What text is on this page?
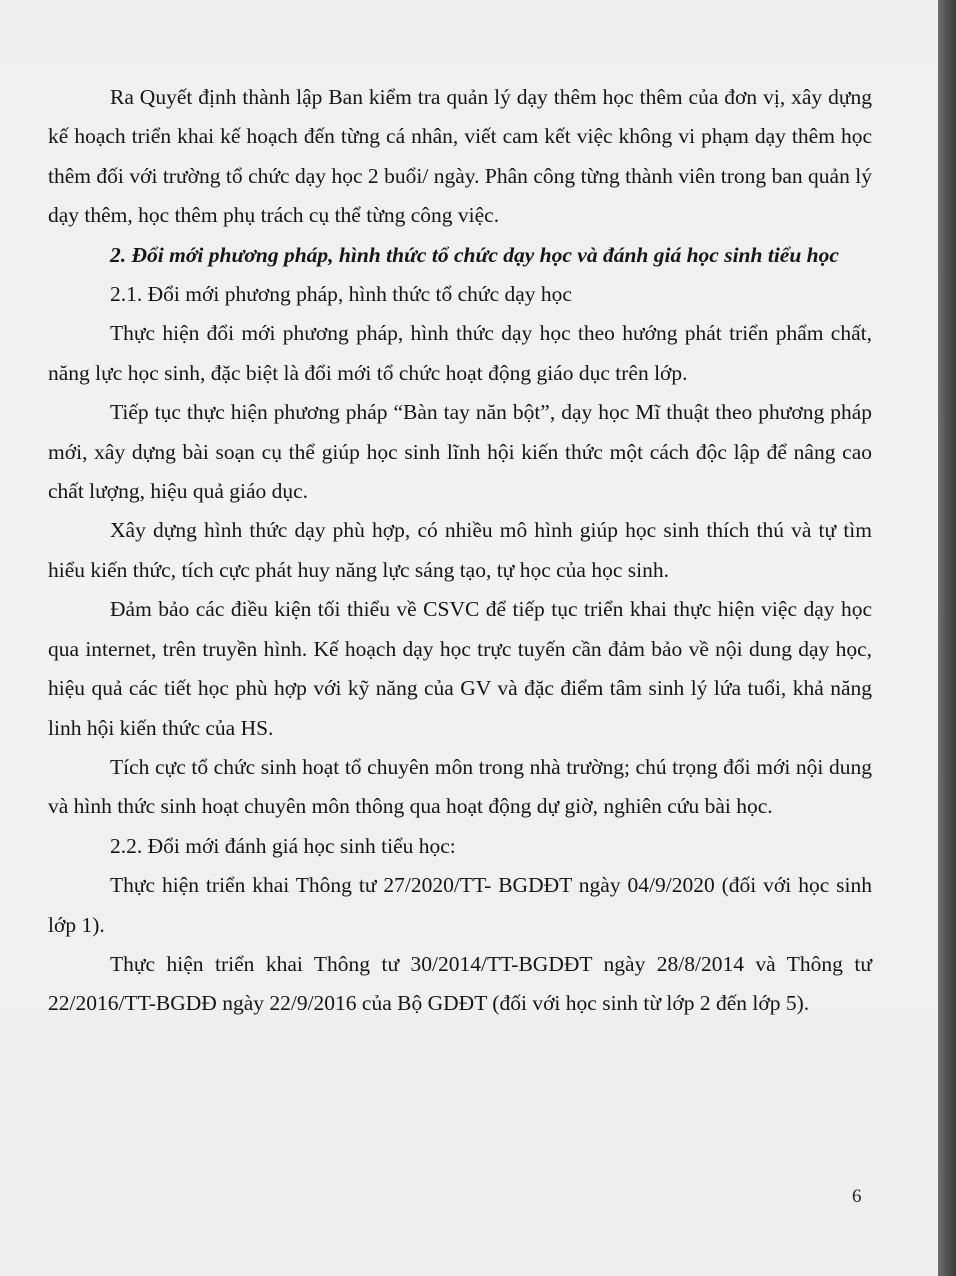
Ra Quyết định thành lập Ban kiểm tra quản lý dạy thêm học thêm của đơn vị, xây dựng kế hoạch triển khai kế hoạch đến từng cá nhân, viết cam kết việc không vi phạm dạy thêm học thêm đối với trường tổ chức dạy học 2 buổi/ ngày. Phân công từng thành viên trong ban quản lý dạy thêm, học thêm phụ trách cụ thể từng công việc.

2. Đổi mới phương pháp, hình thức tổ chức dạy học và đánh giá học sinh tiểu học

2.1. Đổi mới phương pháp, hình thức tổ chức dạy học

Thực hiện đổi mới phương pháp, hình thức dạy học theo hướng phát triển phẩm chất, năng lực học sinh, đặc biệt là đổi mới tổ chức hoạt động giáo dục trên lớp.

Tiếp tục thực hiện phương pháp “Bàn tay năn bột”, dạy học Mĩ thuật theo phương pháp mới, xây dựng bài soạn cụ thể giúp học sinh lĩnh hội kiến thức một cách độc lập để nâng cao chất lượng, hiệu quả giáo dục.

Xây dựng hình thức dạy phù hợp, có nhiều mô hình giúp học sinh thích thú và tự tìm hiểu kiến thức, tích cực phát huy năng lực sáng tạo, tự học của học sinh.

Đảm bảo các điều kiện tối thiểu về CSVC để tiếp tục triển khai thực hiện việc dạy học qua internet, trên truyền hình. Kế hoạch dạy học trực tuyến cần đảm bảo về nội dung dạy học, hiệu quả các tiết học phù hợp với kỹ năng của GV và đặc điểm tâm sinh lý lứa tuổi, khả năng linh hội kiến thức của HS.

Tích cực tổ chức sinh hoạt tổ chuyên môn trong nhà trường; chú trọng đổi mới nội dung và hình thức sinh hoạt chuyên môn thông qua hoạt động dự giờ, nghiên cứu bài học.

2.2. Đổi mới đánh giá học sinh tiểu học:

Thực hiện triển khai Thông tư 27/2020/TT- BGDĐT ngày 04/9/2020 (đối với học sinh lớp 1).

Thực hiện triển khai Thông tư 30/2014/TT-BGDĐT ngày 28/8/2014 và Thông tư 22/2016/TT-BGDĐ ngày 22/9/2016 của Bộ GDĐT (đối với học sinh từ lớp 2 đến lớp 5).

6
